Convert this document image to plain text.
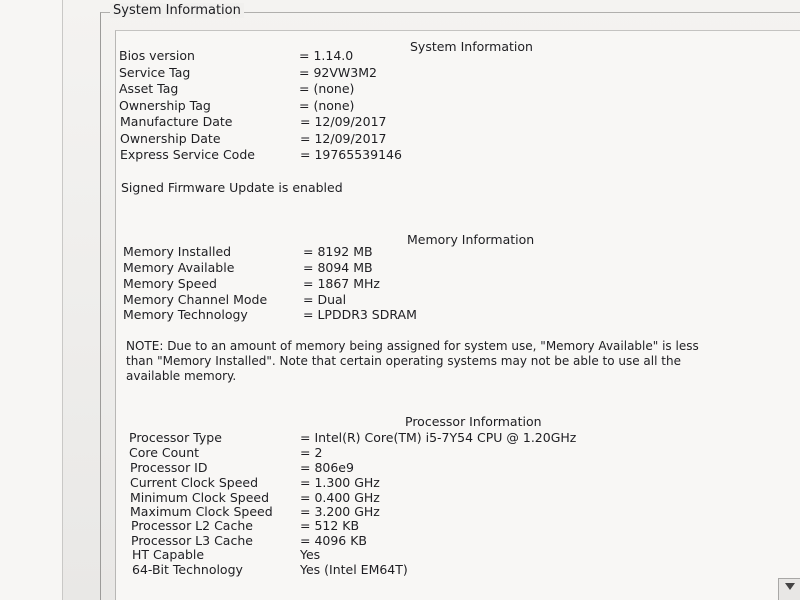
System Information
System Information
Bios version	= 1.14.0
Service Tag	= 92VW3M2
Asset Tag	= (none)
Ownership Tag	= (none)
Manufacture Date	= 12/09/2017
Ownership Date	= 12/09/2017
Express Service Code	= 19765539146
Signed Firmware Update is enabled
Memory Information
Memory Installed	= 8192 MB
Memory Available	= 8094 MB
Memory Speed	= 1867 MHz
Memory Channel Mode	= Dual
Memory Technology	= LPDDR3 SDRAM
NOTE: Due to an amount of memory being assigned for system use, "Memory Available" is less
than "Memory Installed". Note that certain operating systems may not be able to use all the
available memory.
Processor Information
Processor Type	= Intel(R) Core(TM) i5-7Y54 CPU @ 1.20GHz
Core Count	= 2
Processor ID	= 806e9
Current Clock Speed	= 1.300 GHz
Minimum Clock Speed = 0.400 GHz
Maximum Clock Speed = 3.200 GHz
Processor L2 Cache	= 512 KB
Processor L3 Cache	= 4096 KB
HT Capable	Yes
64-Bit Technology	Yes (Intel EM64T)
